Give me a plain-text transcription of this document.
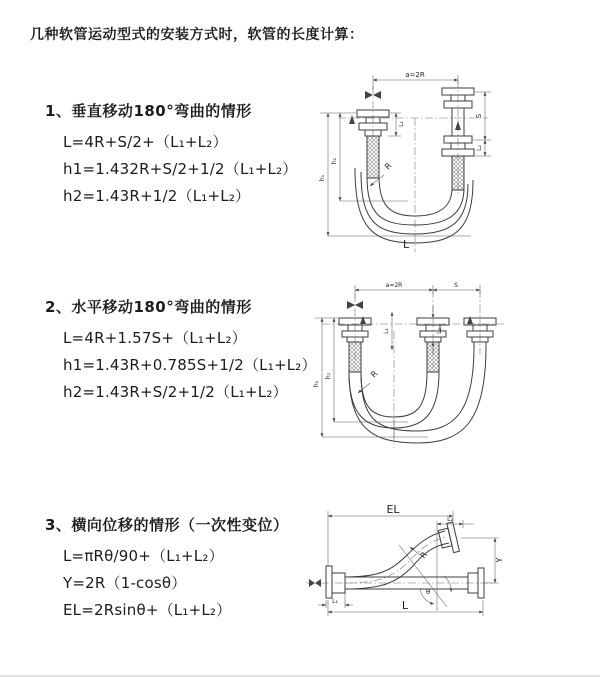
几种软管运动型式的安装方式时，软管的长度计算：
1、垂直移动180°弯曲的情形
L=4R+S/2+（L₁+L₂）
h1=1.432R+S/2+1/2（L₁+L₂）
h2=1.43R+1/2（L₁+L₂）
a=2R
h₁
h₂
L₁
S
L₂
L
R
2、水平移动180°弯曲的情形
L=4R+1.57S+（L₁+L₂）
h1=1.43R+0.785S+1/2（L₁+L₂）
h2=1.43R+S/2+1/2（L₁+L₂）
a=2R	S
h₁
h₂
L₁	L₂
R
3、横向位移的情形（一次性变位）
L=πRθ/90+（L₁+L₂）
Y=2R（1-cosθ）
EL=2Rsinθ+（L₁+L₂）
EL
L₂
θ
R	Y
L₁	L
